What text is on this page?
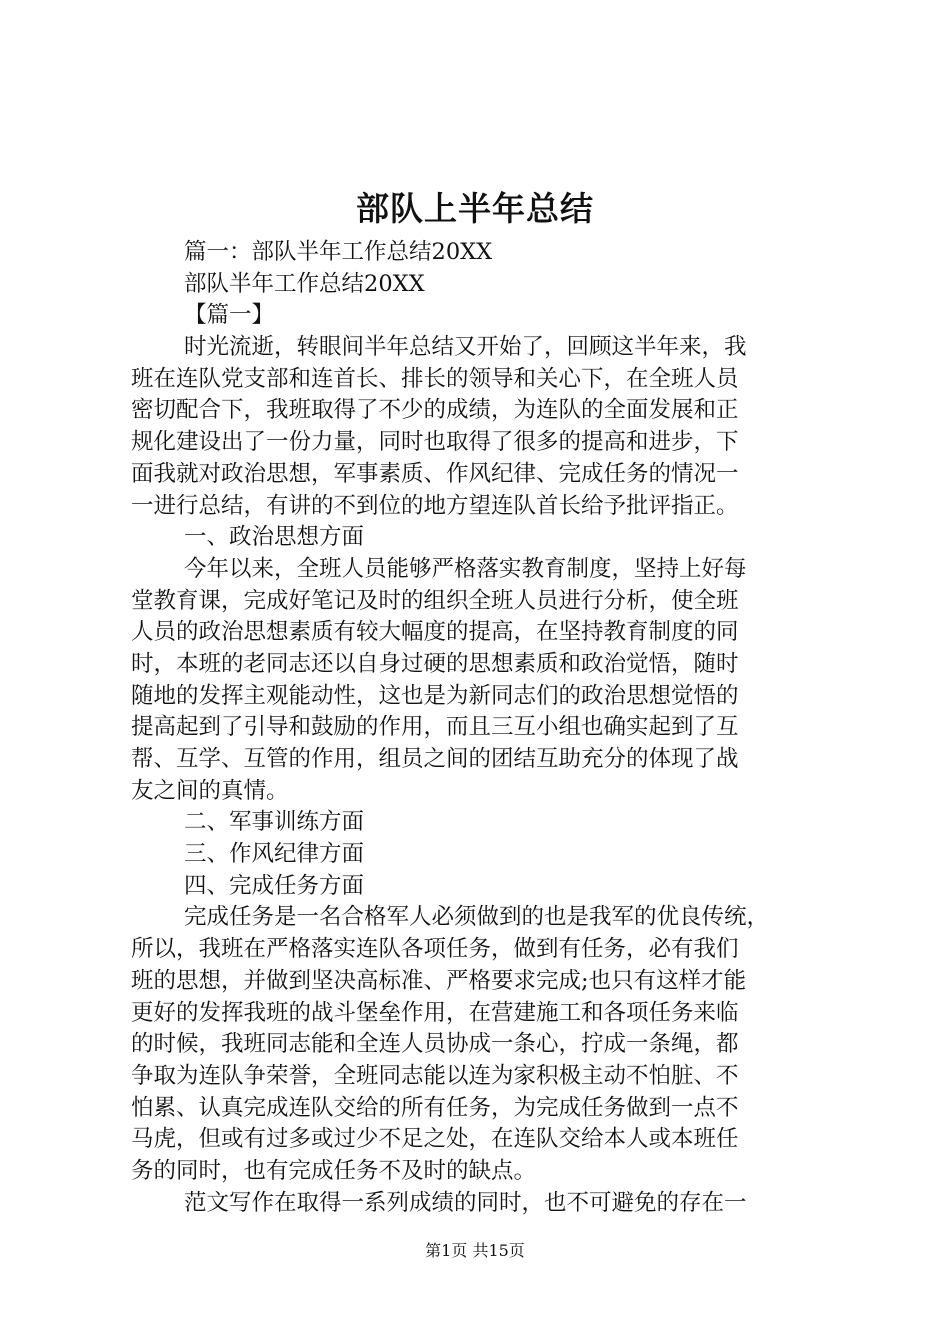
部队上半年总结
篇一：部队半年工作总结20XX
部队半年工作总结20XX
【篇一】
时光流逝，转眼间半年总结又开始了，回顾这半年来，我
班在连队党支部和连首长、排长的领导和关心下，在全班人员
密切配合下，我班取得了不少的成绩，为连队的全面发展和正
规化建设出了一份力量，同时也取得了很多的提高和进步，下
面我就对政治思想，军事素质、作风纪律、完成任务的情况一
一进行总结，有讲的不到位的地方望连队首长给予批评指正。
一、政治思想方面
今年以来，全班人员能够严格落实教育制度，坚持上好每
堂教育课，完成好笔记及时的组织全班人员进行分析，使全班
人员的政治思想素质有较大幅度的提高，在坚持教育制度的同
时，本班的老同志还以自身过硬的思想素质和政治觉悟，随时
随地的发挥主观能动性，这也是为新同志们的政治思想觉悟的
提高起到了引导和鼓励的作用，而且三互小组也确实起到了互
帮、互学、互管的作用，组员之间的团结互助充分的体现了战
友之间的真情。
二、军事训练方面
三、作风纪律方面
四、完成任务方面
完成任务是一名合格军人必须做到的也是我军的优良传统，
所以，我班在严格落实连队各项任务，做到有任务，必有我们
班的思想，并做到坚决高标准、严格要求完成;也只有这样才能
更好的发挥我班的战斗堡垒作用，在营建施工和各项任务来临
的时候，我班同志能和全连人员协成一条心，拧成一条绳，都
争取为连队争荣誉，全班同志能以连为家积极主动不怕脏、不
怕累、认真完成连队交给的所有任务，为完成任务做到一点不
马虎，但或有过多或过少不足之处，在连队交给本人或本班任
务的同时，也有完成任务不及时的缺点。
范文写作在取得一系列成绩的同时，也不可避免的存在一
第1页 共15页
